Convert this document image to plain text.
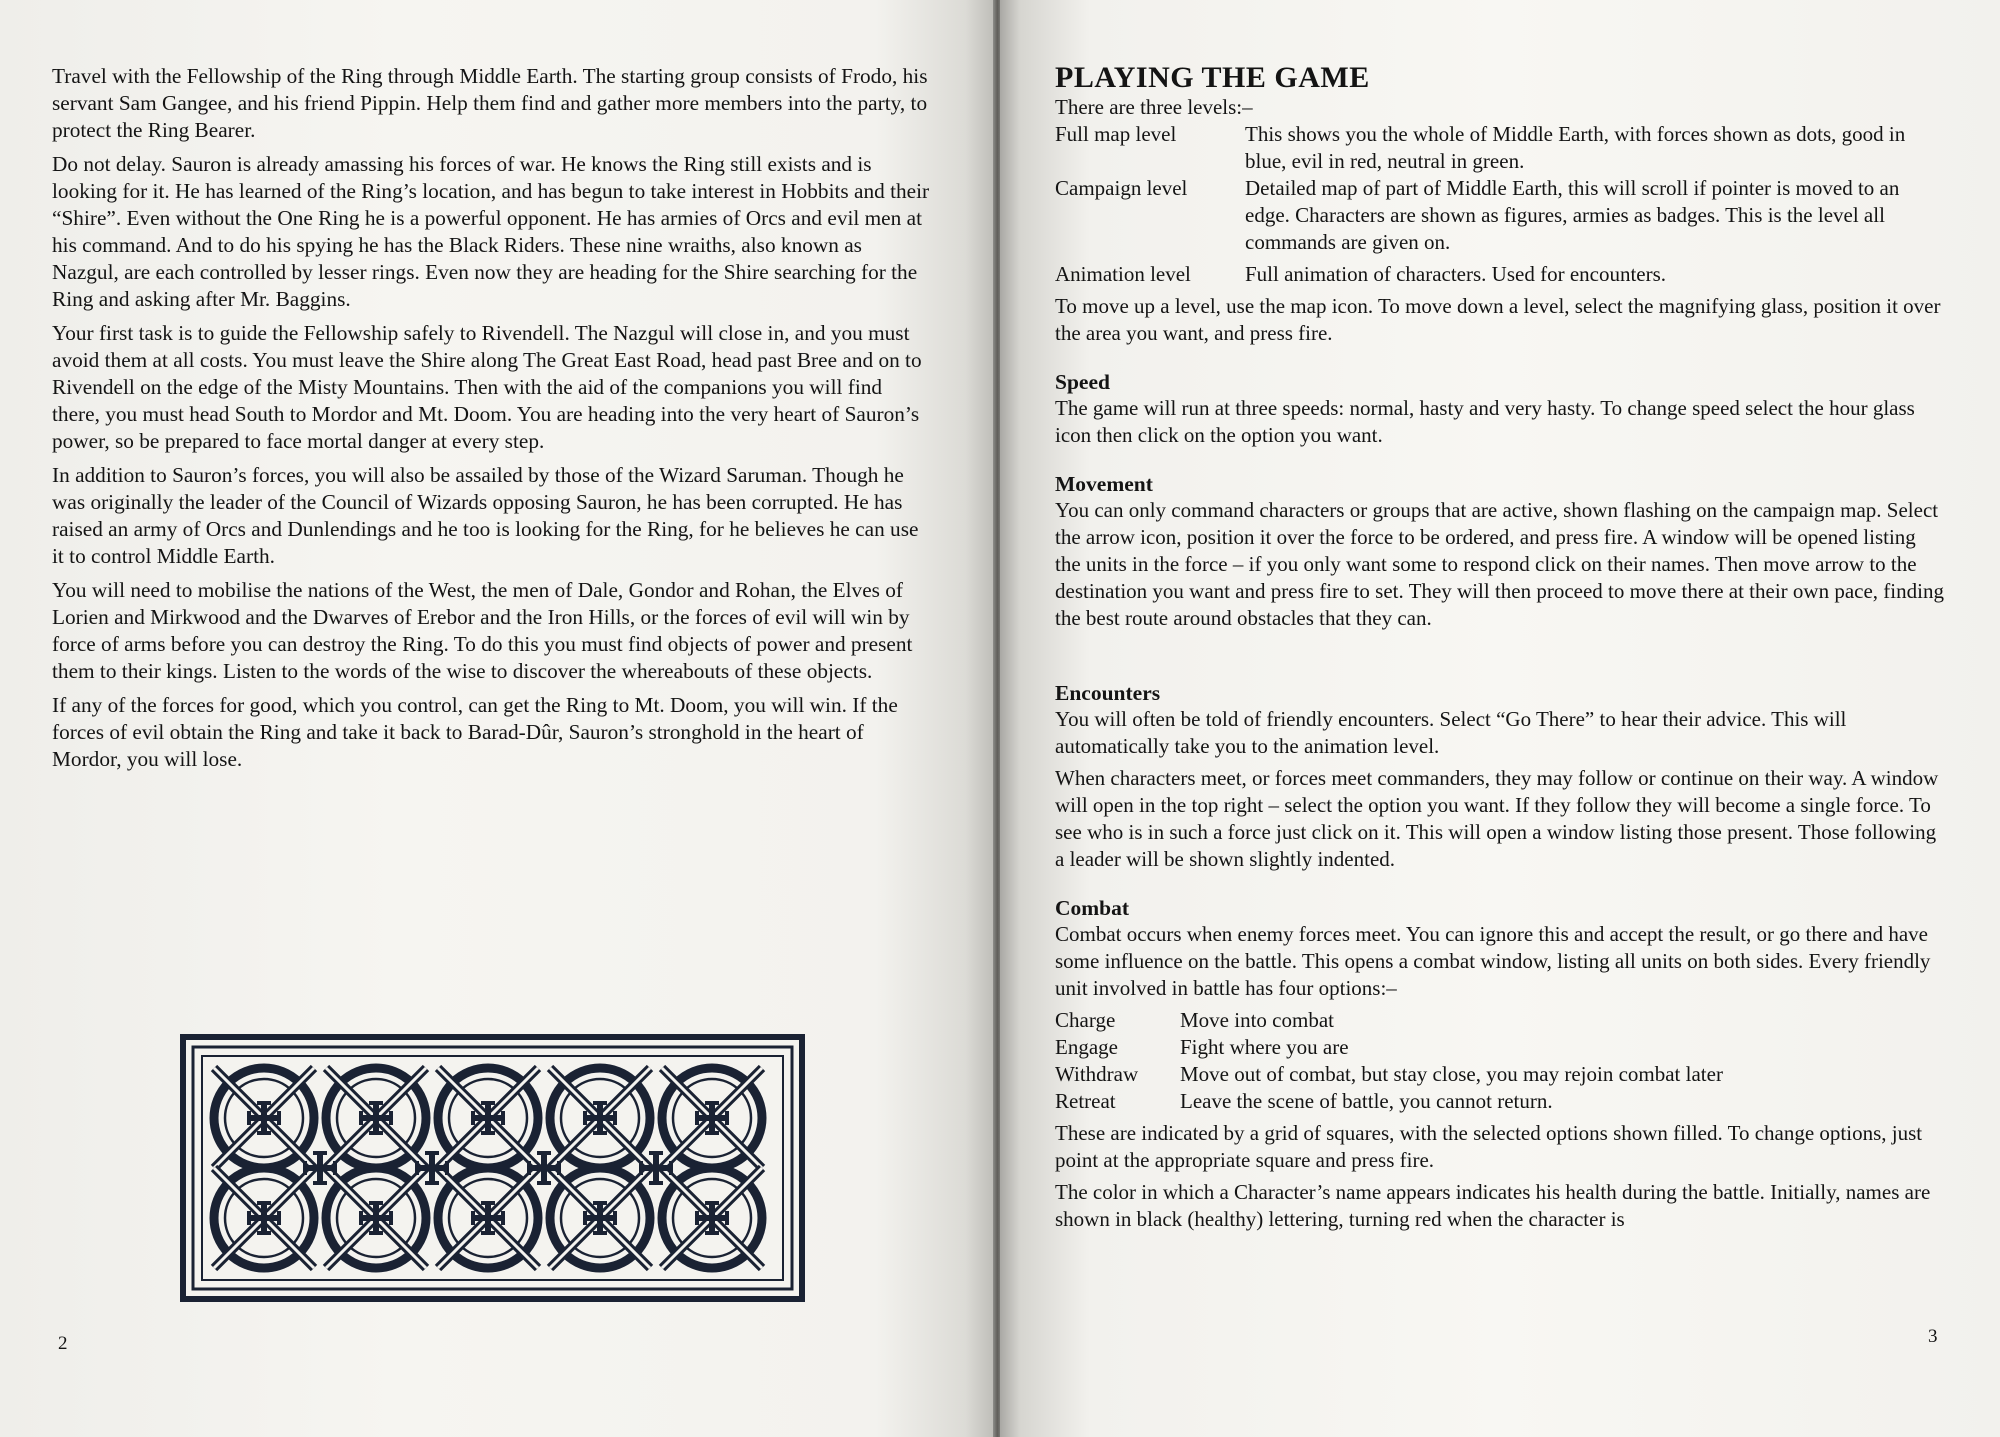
Travel with the Fellowship of the Ring through Middle Earth. The starting group consists of Frodo, his servant Sam Gangee, and his friend Pippin. Help them find and gather more members into the party, to protect the Ring Bearer.

Do not delay. Sauron is already amassing his forces of war. He knows the Ring still exists and is looking for it. He has learned of the Ring’s location, and has begun to take interest in Hobbits and their “Shire”. Even without the One Ring he is a powerful opponent. He has armies of Orcs and evil men at his command. And to do his spying he has the Black Riders. These nine wraiths, also known as Nazgul, are each controlled by lesser rings. Even now they are heading for the Shire searching for the Ring and asking after Mr. Baggins.

Your first task is to guide the Fellowship safely to Rivendell. The Nazgul will close in, and you must avoid them at all costs. You must leave the Shire along The Great East Road, head past Bree and on to Rivendell on the edge of the Misty Mountains. Then with the aid of the companions you will find there, you must head South to Mordor and Mt. Doom. You are heading into the very heart of Sauron’s power, so be prepared to face mortal danger at every step.

In addition to Sauron’s forces, you will also be assailed by those of the Wizard Saruman. Though he was originally the leader of the Council of Wizards opposing Sauron, he has been corrupted. He has raised an army of Orcs and Dunlendings and he too is looking for the Ring, for he believes he can use it to control Middle Earth.

You will need to mobilise the nations of the West, the men of Dale, Gondor and Rohan, the Elves of Lorien and Mirkwood and the Dwarves of Erebor and the Iron Hills, or the forces of evil will win by force of arms before you can destroy the Ring. To do this you must find objects of power and present them to their kings. Listen to the words of the wise to discover the whereabouts of these objects.

If any of the forces for good, which you control, can get the Ring to Mt. Doom, you will win. If the forces of evil obtain the Ring and take it back to Barad-Dûr, Sauron’s stronghold in the heart of Mordor, you will lose.

2
PLAYING THE GAME

There are three levels:–

Full map level	This shows you the whole of Middle Earth, with forces shown as dots, good in blue, evil in red, neutral in green.
Campaign level	Detailed map of part of Middle Earth, this will scroll if pointer is moved to an edge. Characters are shown as figures, armies as badges. This is the level all commands are given on.
Animation level	Full animation of characters. Used for encounters.

To move up a level, use the map icon. To move down a level, select the magnifying glass, position it over the area you want, and press fire.

Speed

The game will run at three speeds: normal, hasty and very hasty. To change speed select the hour glass icon then click on the option you want.

Movement

You can only command characters or groups that are active, shown flashing on the campaign map. Select the arrow icon, position it over the force to be ordered, and press fire. A window will be opened listing the units in the force – if you only want some to respond click on their names. Then move arrow to the destination you want and press fire to set. They will then proceed to move there at their own pace, finding the best route around obstacles that they can.

Encounters

You will often be told of friendly encounters. Select “Go There” to hear their advice. This will automatically take you to the animation level.

When characters meet, or forces meet commanders, they may follow or continue on their way. A window will open in the top right – select the option you want. If they follow they will become a single force. To see who is in such a force just click on it. This will open a window listing those present. Those following a leader will be shown slightly indented.

Combat

Combat occurs when enemy forces meet. You can ignore this and accept the result, or go there and have some influence on the battle. This opens a combat window, listing all units on both sides. Every friendly unit involved in battle has four options:–

Charge	Move into combat
Engage	Fight where you are
Withdraw	Move out of combat, but stay close, you may rejoin combat later
Retreat	Leave the scene of battle, you cannot return.

These are indicated by a grid of squares, with the selected options shown filled. To change options, just point at the appropriate square and press fire.

The color in which a Character’s name appears indicates his health during the battle. Initially, names are shown in black (healthy) lettering, turning red when the character is

3
